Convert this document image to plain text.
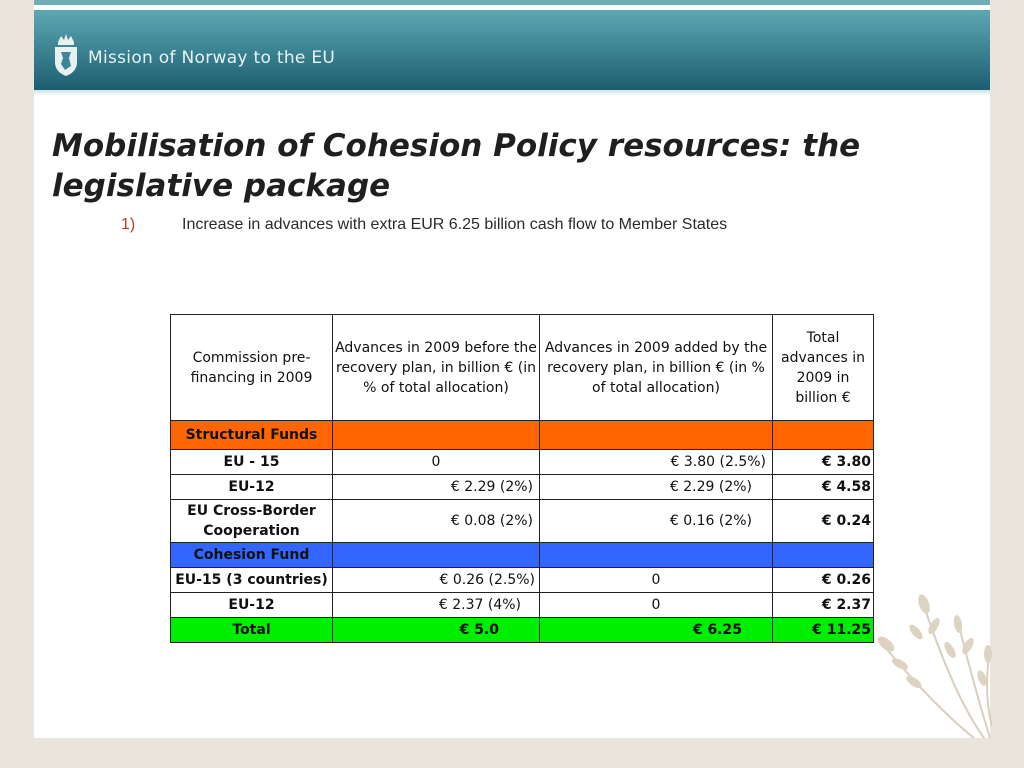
Mission of Norway to the EU
Mobilisation of Cohesion Policy resources: the legislative package
1)	Increase in advances with extra EUR 6.25 billion cash flow to Member States
Commission pre-financing in 2009	Advances in 2009 before the recovery plan, in billion € (in % of total allocation)	Advances in 2009 added by the recovery plan, in billion € (in % of total allocation)	Total advances in 2009 in billion €
Structural Funds			
EU - 15	0	€ 3.80 (2.5%)	€ 3.80
EU-12	€ 2.29 (2%)	€ 2.29 (2%)	€ 4.58
EU Cross-Border Cooperation	€ 0.08 (2%)	€ 0.16 (2%)	€ 0.24
Cohesion Fund			
EU-15 (3 countries)	€ 0.26 (2.5%)	0	€ 0.26
EU-12	€ 2.37 (4%)	0	€ 2.37
Total	€ 5.0	€ 6.25	€ 11.25
